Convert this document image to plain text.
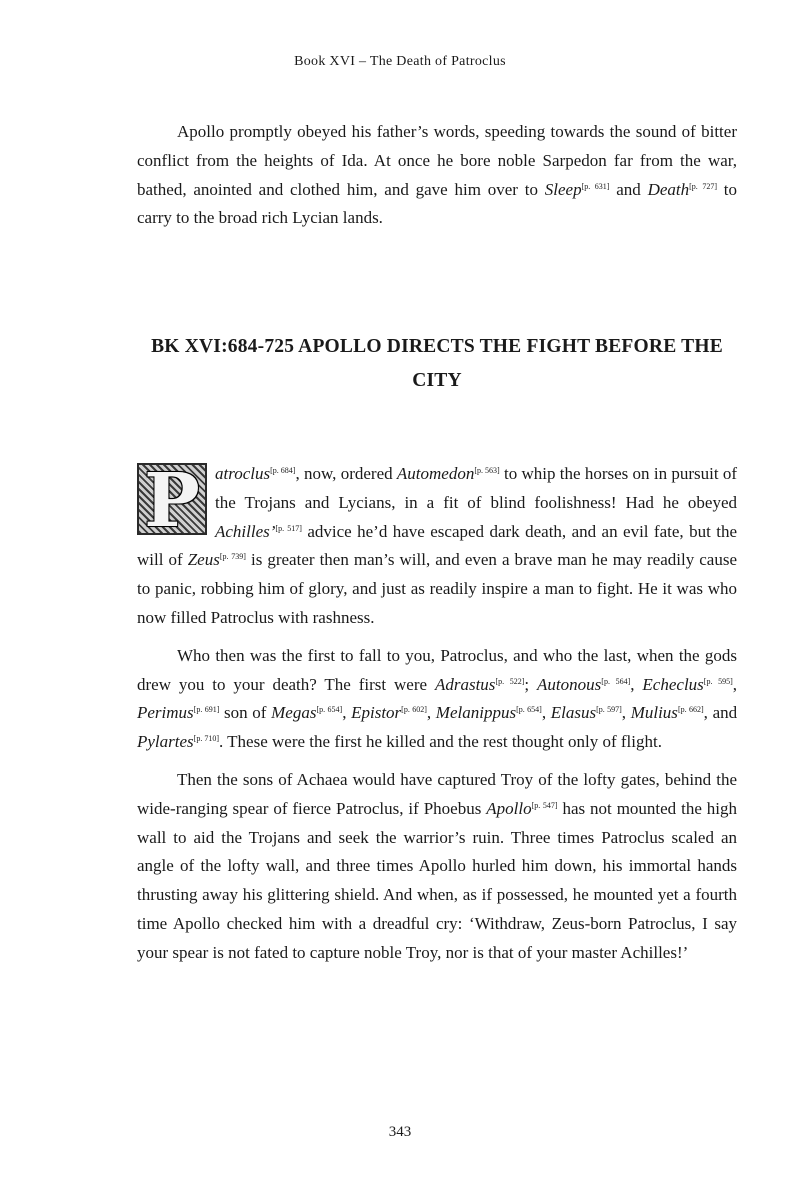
Book XVI – The Death of Patroclus

Apollo promptly obeyed his father’s words, speeding towards the sound of bitter conflict from the heights of Ida. At once he bore noble Sarpedon far from the war, bathed, anointed and clothed him, and gave him over to Sleep[p. 631] and Death[p. 727] to carry to the broad rich Lycian lands.

BK XVI:684-725 APOLLO DIRECTS THE FIGHT BEFORE THE CITY

P atroclus[p. 684], now, ordered Automedon[p. 563] to whip the horses on in pursuit of the Trojans and Lycians, in a fit of blind foolishness! Had he obeyed Achilles’[p. 517] advice he’d have escaped dark death, and an evil fate, but the will of Zeus[p. 739] is greater then man’s will, and even a brave man he may readily cause to panic, robbing him of glory, and just as readily inspire a man to fight. He it was who now filled Patroclus with rashness.

Who then was the first to fall to you, Patroclus, and who the last, when the gods drew you to your death? The first were Adrastus[p. 522]; Autonous[p. 564], Echeclus[p. 595], Perimus[p. 691] son of Megas[p. 654], Epistor[p. 602], Melanippus[p. 654], Elasus[p. 597], Mulius[p. 662], and Pylartes[p. 710]. These were the first he killed and the rest thought only of flight.

Then the sons of Achaea would have captured Troy of the lofty gates, behind the wide-ranging spear of fierce Patroclus, if Phoebus Apollo[p. 547] has not mounted the high wall to aid the Trojans and seek the warrior’s ruin. Three times Patroclus scaled an angle of the lofty wall, and three times Apollo hurled him down, his immortal hands thrusting away his glittering shield. And when, as if possessed, he mounted yet a fourth time Apollo checked him with a dreadful cry: ‘Withdraw, Zeus-born Patroclus, I say your spear is not fated to capture noble Troy, nor is that of your master Achilles!’

343
